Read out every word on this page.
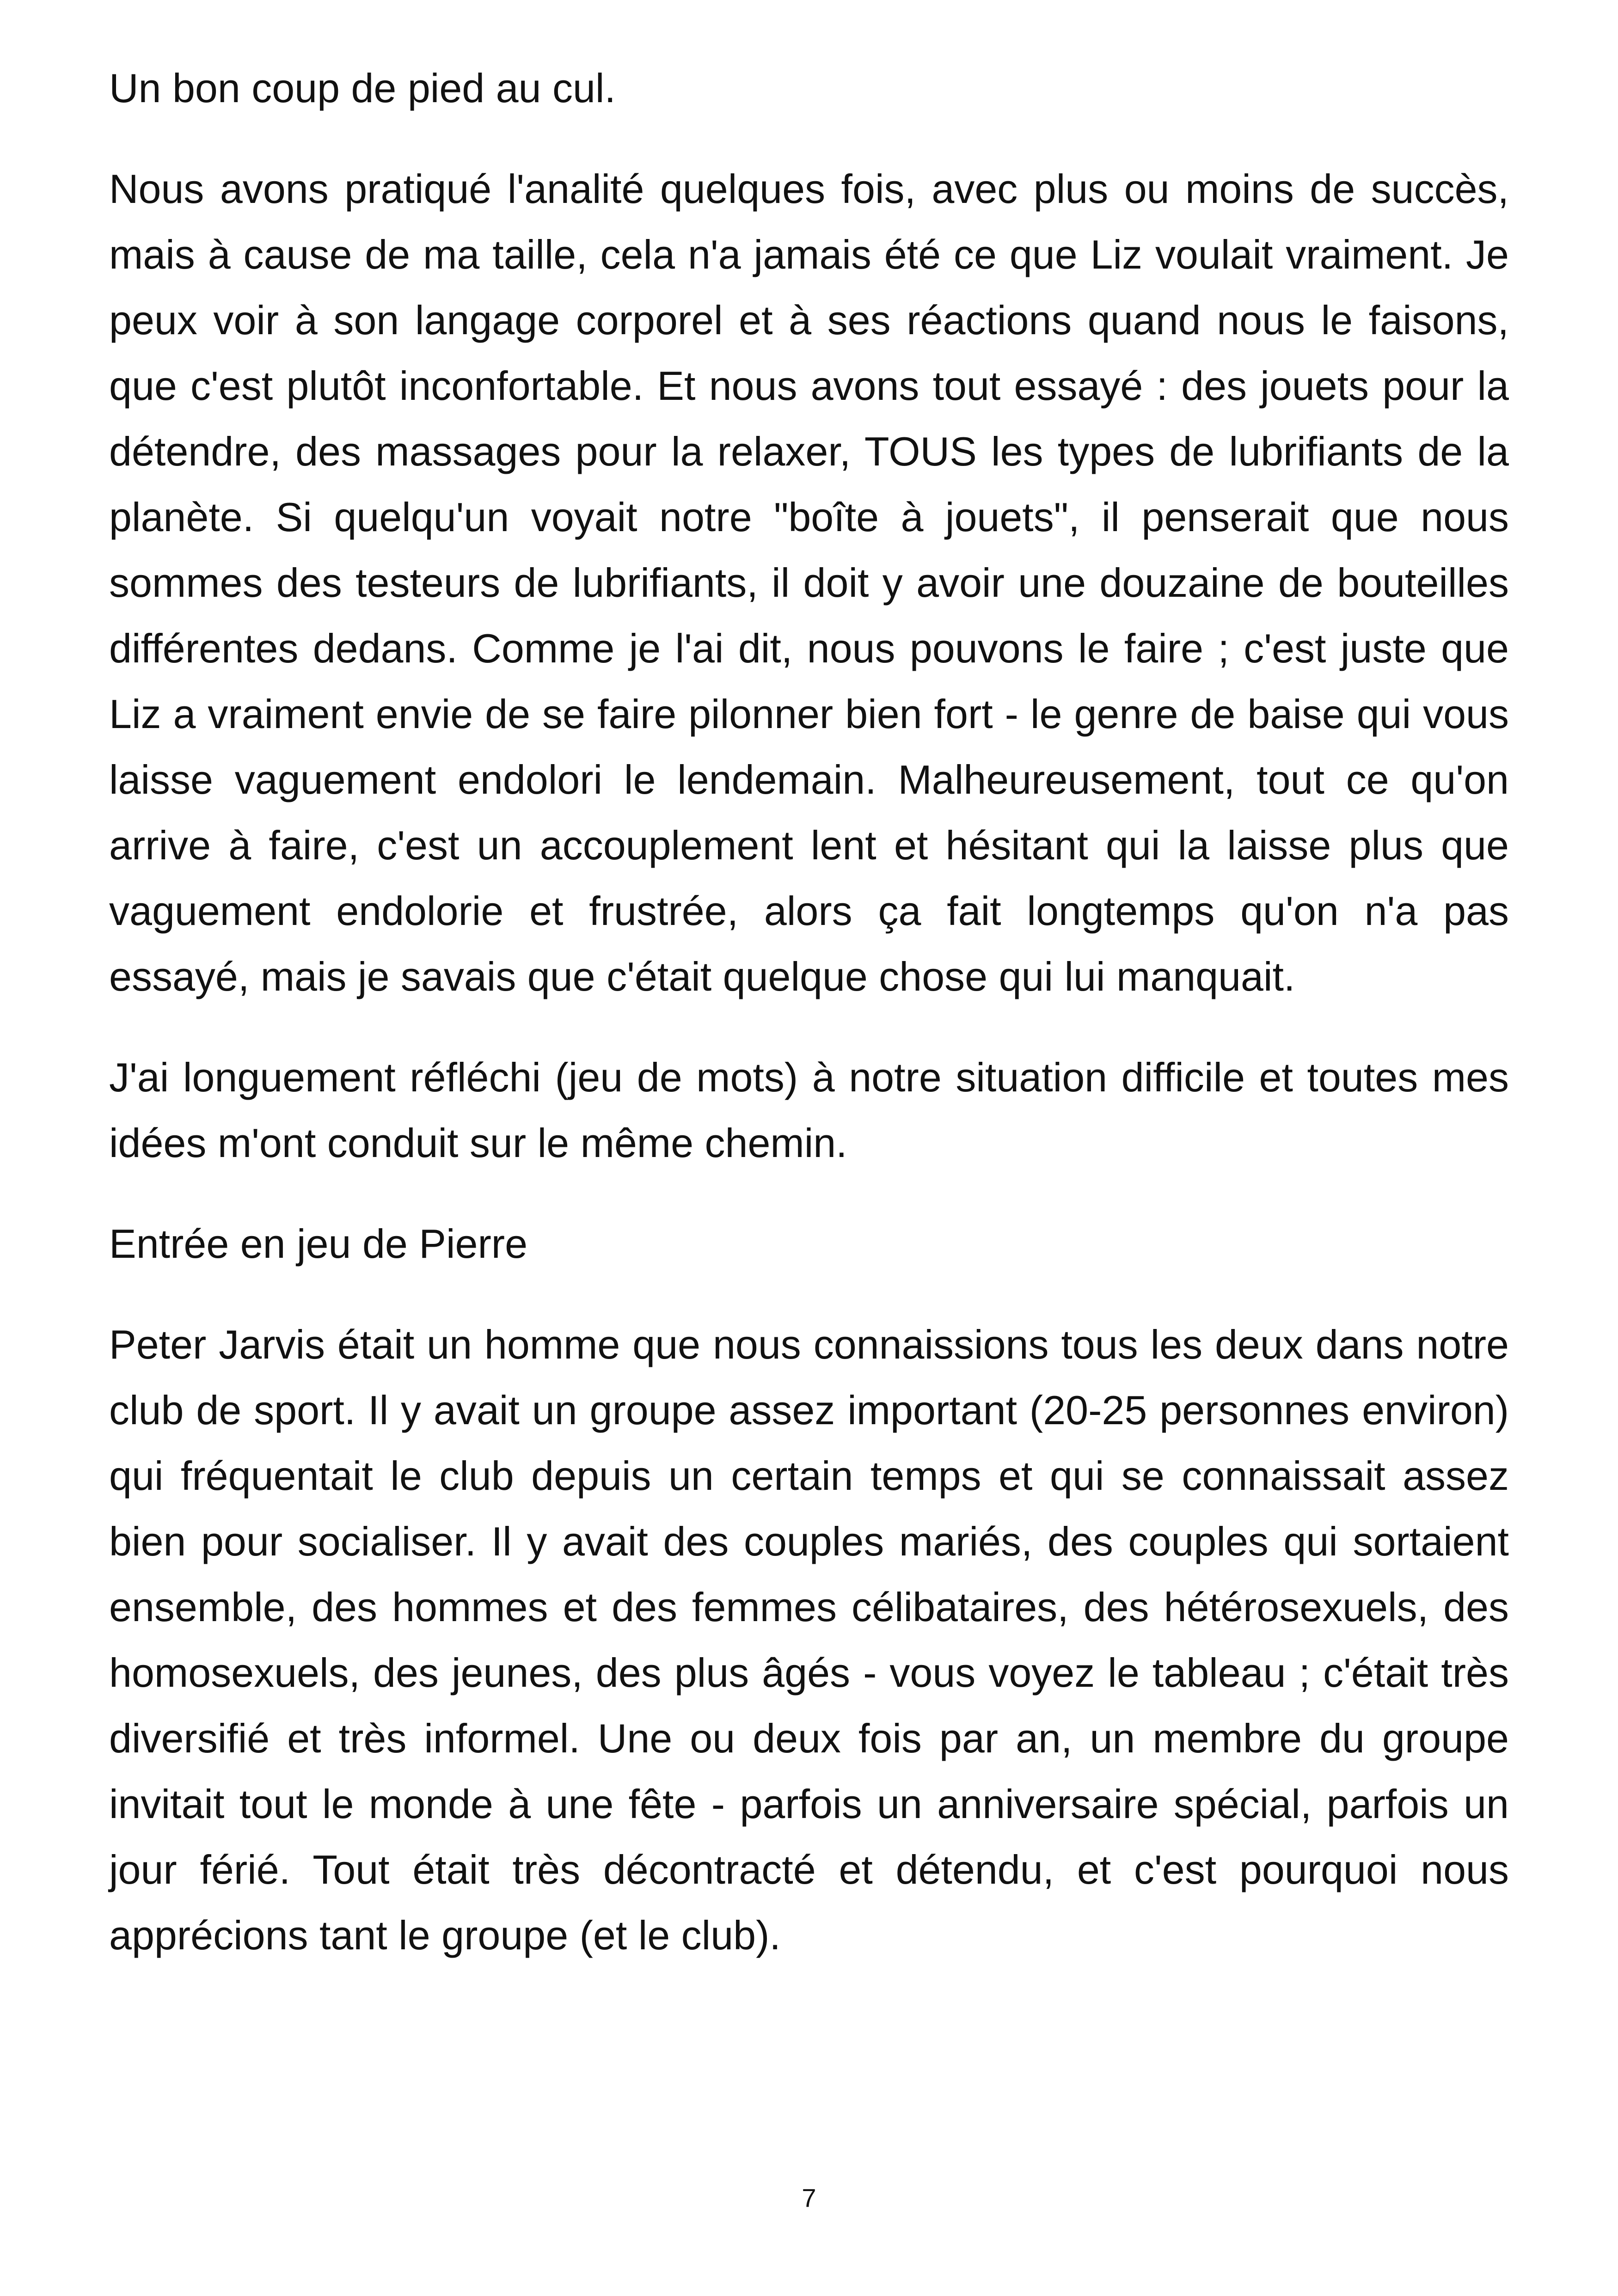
Un bon coup de pied au cul.

Nous avons pratiqué l'analité quelques fois, avec plus ou moins de succès, mais à cause de ma taille, cela n'a jamais été ce que Liz voulait vraiment. Je peux voir à son langage corporel et à ses réactions quand nous le faisons, que c'est plutôt inconfortable. Et nous avons tout essayé : des jouets pour la détendre, des massages pour la relaxer, TOUS les types de lubrifiants de la planète. Si quelqu'un voyait notre "boîte à jouets", il penserait que nous sommes des testeurs de lubrifiants, il doit y avoir une douzaine de bouteilles différentes dedans. Comme je l'ai dit, nous pouvons le faire ; c'est juste que Liz a vraiment envie de se faire pilonner bien fort - le genre de baise qui vous laisse vaguement endolori le lendemain. Malheureusement, tout ce qu'on arrive à faire, c'est un accouplement lent et hésitant qui la laisse plus que vaguement endolorie et frustrée, alors ça fait longtemps qu'on n'a pas essayé, mais je savais que c'était quelque chose qui lui manquait.

J'ai longuement réfléchi (jeu de mots) à notre situation difficile et toutes mes idées m'ont conduit sur le même chemin.

Entrée en jeu de Pierre

Peter Jarvis était un homme que nous connaissions tous les deux dans notre club de sport. Il y avait un groupe assez important (20-25 personnes environ) qui fréquentait le club depuis un certain temps et qui se connaissait assez bien pour socialiser. Il y avait des couples mariés, des couples qui sortaient ensemble, des hommes et des femmes célibataires, des hétérosexuels, des homosexuels, des jeunes, des plus âgés - vous voyez le tableau ; c'était très diversifié et très informel. Une ou deux fois par an, un membre du groupe invitait tout le monde à une fête - parfois un anniversaire spécial, parfois un jour férié. Tout était très décontracté et détendu, et c'est pourquoi nous apprécions tant le groupe (et le club).

7
